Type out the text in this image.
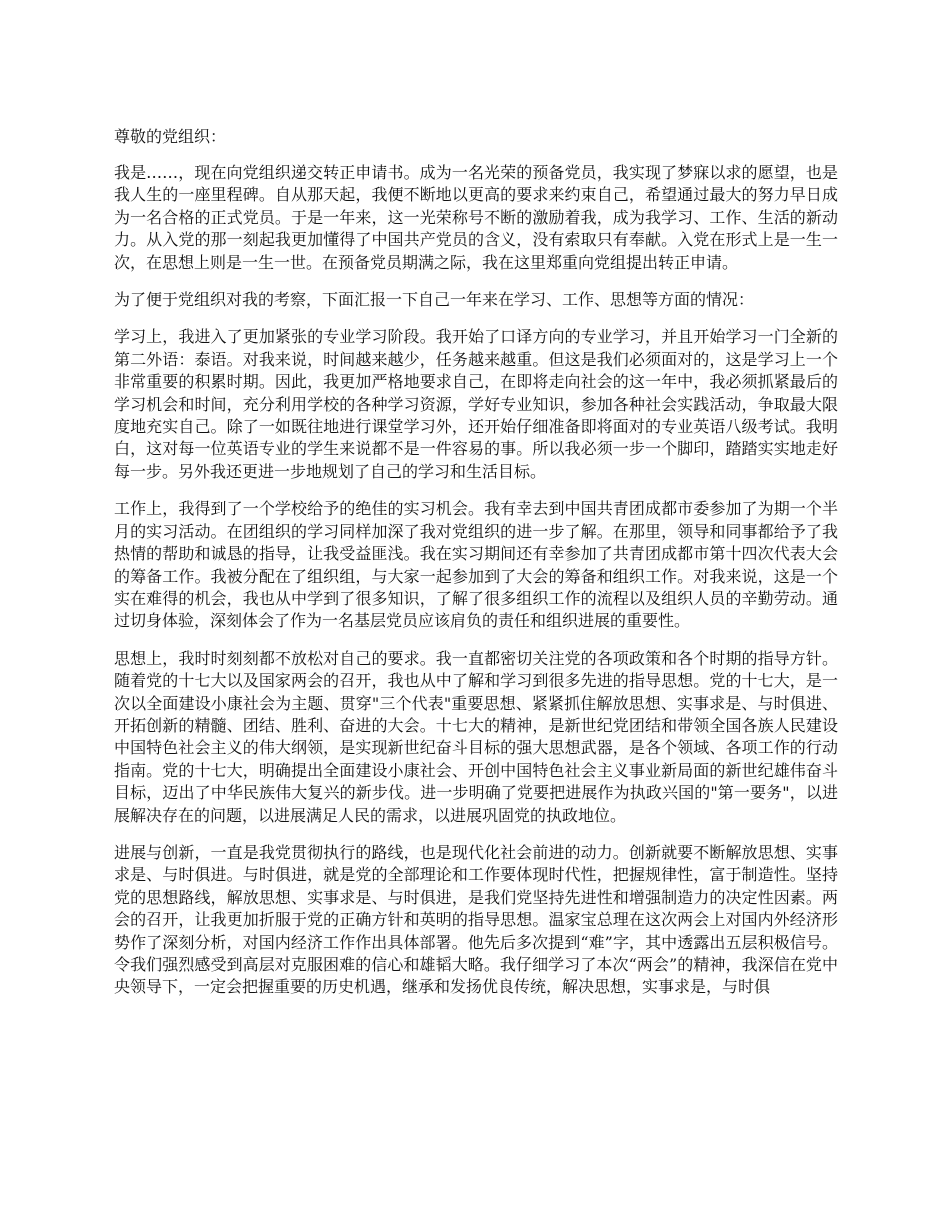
尊敬的党组织：

我是……，现在向党组织递交转正申请书。成为一名光荣的预备党员，我实现了梦寐以求的愿望，也是我人生的一座里程碑。自从那天起，我便不断地以更高的要求来约束自己，希望通过最大的努力早日成为一名合格的正式党员。于是一年来，这一光荣称号不断的激励着我，成为我学习、工作、生活的新动力。从入党的那一刻起我更加懂得了中国共产党员的含义，没有索取只有奉献。入党在形式上是一生一次，在思想上则是一生一世。在预备党员期满之际，我在这里郑重向党组提出转正申请。

为了便于党组织对我的考察，下面汇报一下自己一年来在学习、工作、思想等方面的情况：

学习上，我进入了更加紧张的专业学习阶段。我开始了口译方向的专业学习，并且开始学习一门全新的第二外语：泰语。对我来说，时间越来越少，任务越来越重。但这是我们必须面对的，这是学习上一个非常重要的积累时期。因此，我更加严格地要求自己，在即将走向社会的这一年中，我必须抓紧最后的学习机会和时间，充分利用学校的各种学习资源，学好专业知识，参加各种社会实践活动，争取最大限度地充实自己。除了一如既往地进行课堂学习外，还开始仔细准备即将面对的专业英语八级考试。我明白，这对每一位英语专业的学生来说都不是一件容易的事。所以我必须一步一个脚印，踏踏实实地走好每一步。另外我还更进一步地规划了自己的学习和生活目标。

工作上，我得到了一个学校给予的绝佳的实习机会。我有幸去到中国共青团成都市委参加了为期一个半月的实习活动。在团组织的学习同样加深了我对党组织的进一步了解。在那里，领导和同事都给予了我热情的帮助和诚恳的指导，让我受益匪浅。我在实习期间还有幸参加了共青团成都市第十四次代表大会的筹备工作。我被分配在了组织组，与大家一起参加到了大会的筹备和组织工作。对我来说，这是一个实在难得的机会，我也从中学到了很多知识，了解了很多组织工作的流程以及组织人员的辛勤劳动。通过切身体验，深刻体会了作为一名基层党员应该肩负的责任和组织进展的重要性。

思想上，我时时刻刻都不放松对自己的要求。我一直都密切关注党的各项政策和各个时期的指导方针。随着党的十七大以及国家两会的召开，我也从中了解和学习到很多先进的指导思想。党的十七大，是一次以全面建设小康社会为主题、贯穿"三个代表"重要思想、紧紧抓住解放思想、实事求是、与时俱进、开拓创新的精髓、团结、胜利、奋进的大会。十七大的精神，是新世纪党团结和带领全国各族人民建设中国特色社会主义的伟大纲领，是实现新世纪奋斗目标的强大思想武器，是各个领域、各项工作的行动指南。党的十七大，明确提出全面建设小康社会、开创中国特色社会主义事业新局面的新世纪雄伟奋斗目标，迈出了中华民族伟大复兴的新步伐。进一步明确了党要把进展作为执政兴国的"第一要务"，以进展解决存在的问题，以进展满足人民的需求，以进展巩固党的执政地位。

进展与创新，一直是我党贯彻执行的路线，也是现代化社会前进的动力。创新就要不断解放思想、实事求是、与时俱进。与时俱进，就是党的全部理论和工作要体现时代性，把握规律性，富于制造性。坚持党的思想路线，解放思想、实事求是、与时俱进，是我们党坚持先进性和增强制造力的决定性因素。两会的召开，让我更加折服于党的正确方针和英明的指导思想。温家宝总理在这次两会上对国内外经济形势作了深刻分析，对国内经济工作作出具体部署。他先后多次提到“难”字，其中透露出五层积极信号。令我们强烈感受到高层对克服困难的信心和雄韬大略。我仔细学习了本次“两会”的精神，我深信在党中央领导下，一定会把握重要的历史机遇，继承和发扬优良传统，解决思想，实事求是，与时俱
